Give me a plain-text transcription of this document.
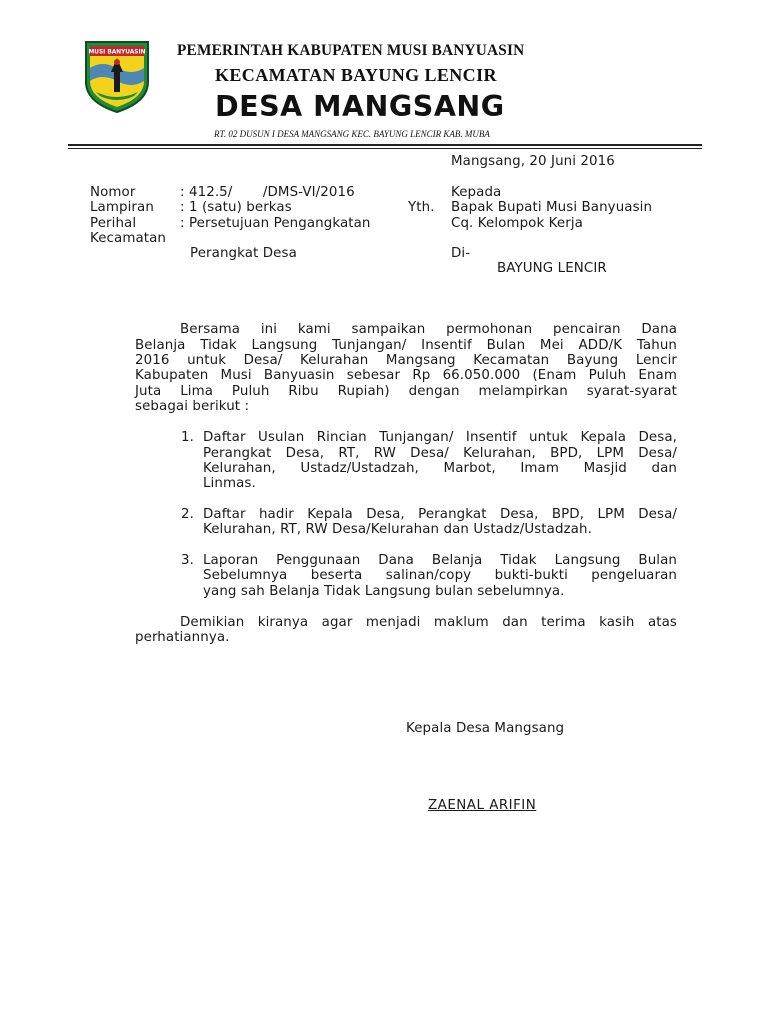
MUSI BANYUASIN PEMERINTAH KABUPATEN MUSI BANYUASIN
KECAMATAN BAYUNG LENCIR
DESA MANGSANG
RT. 02 DUSUN I DESA MANGSANG KEC. BAYUNG LENCIR KAB. MUBA
Mangsang, 20 Juni 2016
Nomor	: 412.5/       /DMS-VI/2016
Lampiran : 1 (satu) berkas
Perihal	: Persetujuan Pengangkatan
Kecamatan
Perangkat Desa
Kepada
Yth. Bapak Bupati Musi Banyuasin
Cq. Kelompok Kerja
Di-
BAYUNG LENCIR
Bersama ini kami sampaikan permohonan pencairan Dana
Belanja Tidak Langsung Tunjangan/ Insentif Bulan Mei ADD/K Tahun
2016 untuk Desa/ Kelurahan Mangsang Kecamatan Bayung Lencir
Kabupaten Musi Banyuasin sebesar Rp 66.050.000 (Enam Puluh Enam
Juta Lima Puluh Ribu Rupiah) dengan melampirkan syarat-syarat
sebagai berikut :
1. Daftar Usulan Rincian Tunjangan/ Insentif untuk Kepala Desa,
Perangkat Desa, RT, RW Desa/ Kelurahan, BPD, LPM Desa/
Kelurahan, Ustadz/Ustadzah, Marbot, Imam Masjid dan
Linmas.
2. Daftar hadir Kepala Desa, Perangkat Desa, BPD, LPM Desa/
Kelurahan, RT, RW Desa/Kelurahan dan Ustadz/Ustadzah.
3. Laporan Penggunaan Dana Belanja Tidak Langsung Bulan
Sebelumnya beserta salinan/copy bukti-bukti pengeluaran
yang sah Belanja Tidak Langsung bulan sebelumnya.
Demikian kiranya agar menjadi maklum dan terima kasih atas
perhatiannya.
Kepala Desa Mangsang
ZAENAL ARIFIN
